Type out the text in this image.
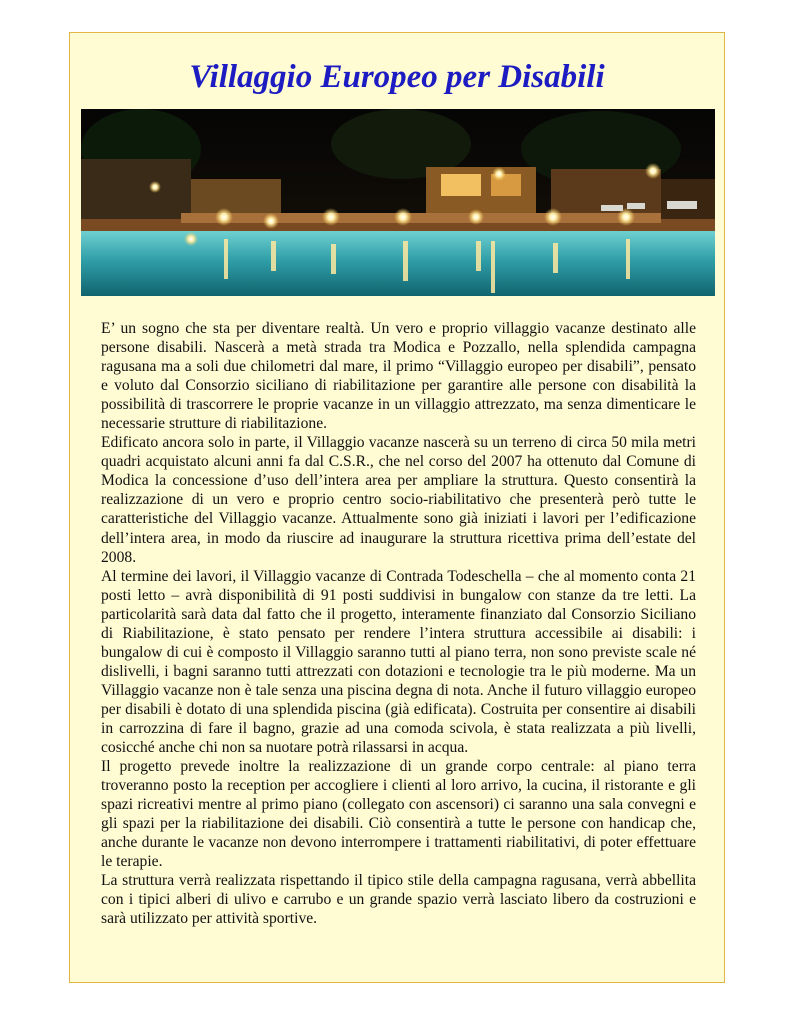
Villaggio Europeo per Disabili

E’ un sogno che sta per diventare realtà. Un vero e proprio villaggio vacanze destinato alle persone disabili. Nascerà a metà strada tra Modica e Pozzallo, nella splendida campagna ragusana ma a soli due chilometri dal mare, il primo “Villaggio europeo per disabili”, pensato e voluto dal Consorzio siciliano di riabilitazione per garantire alle persone con disabilità la possibilità di trascorrere le proprie vacanze in un villaggio attrezzato, ma senza dimenticare le necessarie strutture di riabilitazione.

Edificato ancora solo in parte, il Villaggio vacanze nascerà su un terreno di circa 50 mila metri quadri acquistato alcuni anni fa dal C.S.R., che nel corso del 2007 ha ottenuto dal Comune di Modica la concessione d’uso dell’intera area per ampliare la struttura. Questo consentirà la realizzazione di un vero e proprio centro socio-riabilitativo che presenterà però tutte le caratteristiche del Villaggio vacanze. Attualmente sono già iniziati i lavori per l’edificazione dell’intera area, in modo da riuscire ad inaugurare la struttura ricettiva prima dell’estate del 2008.

Al termine dei lavori, il Villaggio vacanze di Contrada Todeschella – che al momento conta 21 posti letto – avrà disponibilità di 91 posti suddivisi in bungalow con stanze da tre letti. La particolarità sarà data dal fatto che il progetto, interamente finanziato dal Consorzio Siciliano di Riabilitazione, è stato pensato per rendere l’intera struttura accessibile ai disabili: i bungalow di cui è composto il Villaggio saranno tutti al piano terra, non sono previste scale né dislivelli, i bagni saranno tutti attrezzati con dotazioni e tecnologie tra le più moderne. Ma un Villaggio vacanze non è tale senza una piscina degna di nota. Anche il futuro villaggio europeo per disabili è dotato di una splendida piscina (già edificata). Costruita per consentire ai disabili in carrozzina di fare il bagno, grazie ad una comoda scivola, è stata realizzata a più livelli, cosicché anche chi non sa nuotare potrà rilassarsi in acqua.

Il progetto prevede inoltre la realizzazione di un grande corpo centrale: al piano terra troveranno posto la reception per accogliere i clienti al loro arrivo, la cucina, il ristorante e gli spazi ricreativi mentre al primo piano (collegato con ascensori) ci saranno una sala convegni e gli spazi per la riabilitazione dei disabili. Ciò consentirà a tutte le persone con handicap che, anche durante le vacanze non devono interrompere i trattamenti riabilitativi, di poter effettuare le terapie.

La struttura verrà realizzata rispettando il tipico stile della campagna ragusana, verrà abbellita con i tipici alberi di ulivo e carrubo e un grande spazio verrà lasciato libero da costruzioni e sarà utilizzato per attività sportive.
